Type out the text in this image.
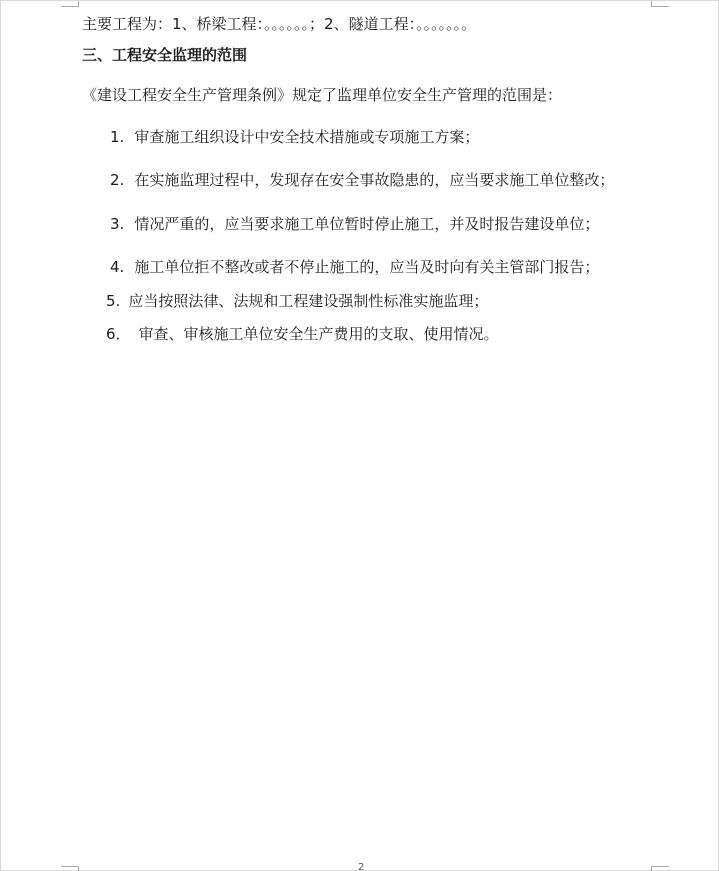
主要工程为：1、桥梁工程：。。。。。。；2、隧道工程：。。。。。。。
三、工程安全监理的范围
《建设工程安全生产管理条例》规定了监理单位安全生产管理的范围是：
1. 审查施工组织设计中安全技术措施或专项施工方案；
2. 在实施监理过程中，发现存在安全事故隐患的，应当要求施工单位整改；
3. 情况严重的，应当要求施工单位暂时停止施工，并及时报告建设单位；
4. 施工单位拒不整改或者不停止施工的，应当及时向有关主管部门报告；
5. 应当按照法律、法规和工程建设强制性标准实施监理；
6． 审查、审核施工单位安全生产费用的支取、使用情况。
2
